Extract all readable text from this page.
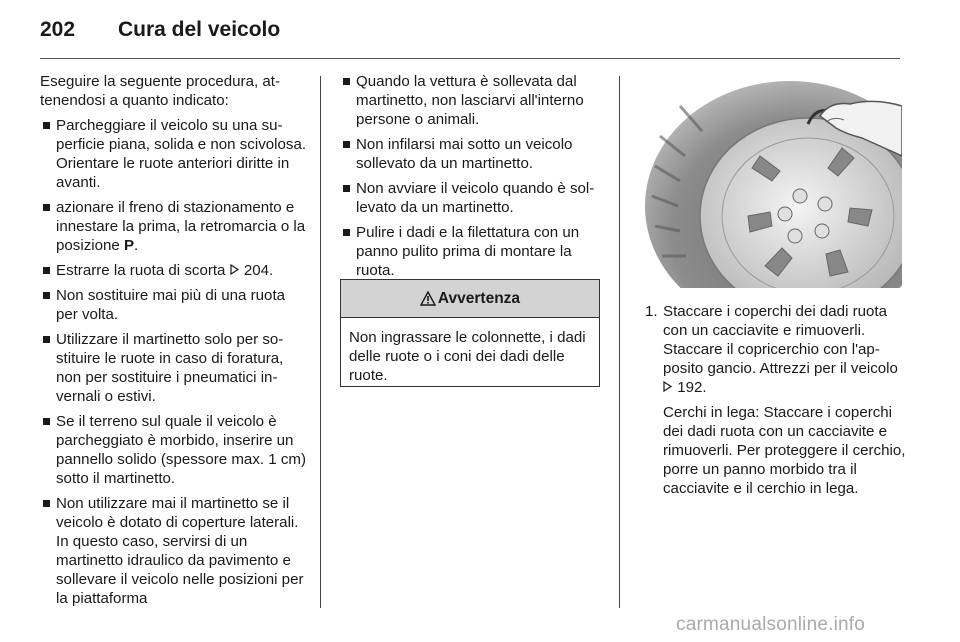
202 Cura del veicolo

Eseguire la seguente procedura, attenendosi a quanto indicato:

Parcheggiare il veicolo su una superficie piana, solida e non scivolosa. Orientare le ruote anteriori diritte in avanti.
azionare il freno di stazionamento e innestare la prima, la retromarcia o la posizione P.
Estrarre la ruota di scorta  204.
Non sostituire mai più di una ruota per volta.
Utilizzare il martinetto solo per sostituire le ruote in caso di foratura, non per sostituire i pneumatici invernali o estivi.
Se il terreno sul quale il veicolo è parcheggiato è morbido, inserire un pannello solido (spessore max. 1 cm) sotto il martinetto.
Non utilizzare mai il martinetto se il veicolo è dotato di coperture laterali. In questo caso, servirsi di un martinetto idraulico da pavimento e sollevare il veicolo nelle posizioni per la piattaforma
Quando la vettura è sollevata dal martinetto, non lasciarvi all'interno persone o animali.
Non infilarsi mai sotto un veicolo sollevato da un martinetto.
Non avviare il veicolo quando è sollevato da un martinetto.
Pulire i dadi e la filettatura con un panno pulito prima di montare la ruota.
Avvertenza
Non ingrassare le colonnette, i dadi delle ruote o i coni dei dadi delle ruote.
1. Staccare i coperchi dei dadi ruota con un cacciavite e rimuoverli. Staccare il copricerchio con l'apposito gancio. Attrezzi per il veicolo  192.

Cerchi in lega: Staccare i coperchi dei dadi ruota con un cacciavite e rimuoverli. Per proteggere il cerchio, porre un panno morbido tra il cacciavite e il cerchio in lega.

carmanualsonline.info
